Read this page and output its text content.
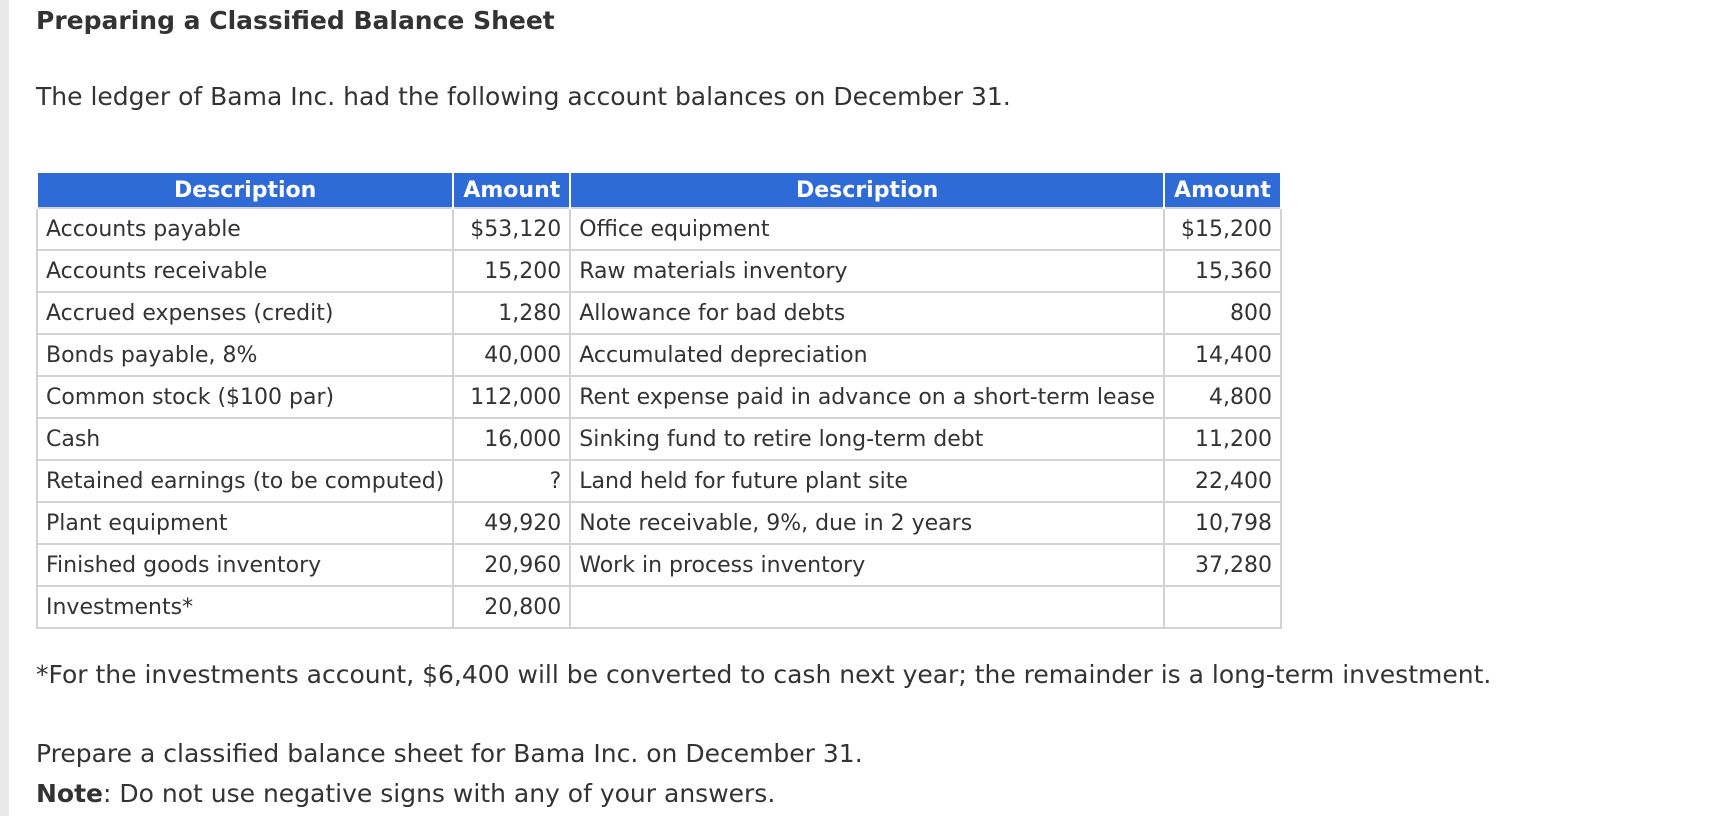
Preparing a Classified Balance Sheet
The ledger of Bama Inc. had the following account balances on December 31.
Description	Amount	Description	Amount
Accounts payable	$53,120	Office equipment	$15,200
Accounts receivable	15,200	Raw materials inventory	15,360
Accrued expenses (credit)	1,280	Allowance for bad debts	800
Bonds payable, 8%	40,000	Accumulated depreciation	14,400
Common stock ($100 par)	112,000	Rent expense paid in advance on a short-term lease	4,800
Cash	16,000	Sinking fund to retire long-term debt	11,200
Retained earnings (to be computed)	?	Land held for future plant site	22,400
Plant equipment	49,920	Note receivable, 9%, due in 2 years	10,798
Finished goods inventory	20,960	Work in process inventory	37,280
Investments*	20,800		
*For the investments account, $6,400 will be converted to cash next year; the remainder is a long-term investment.
Prepare a classified balance sheet for Bama Inc. on December 31.
Note: Do not use negative signs with any of your answers.
